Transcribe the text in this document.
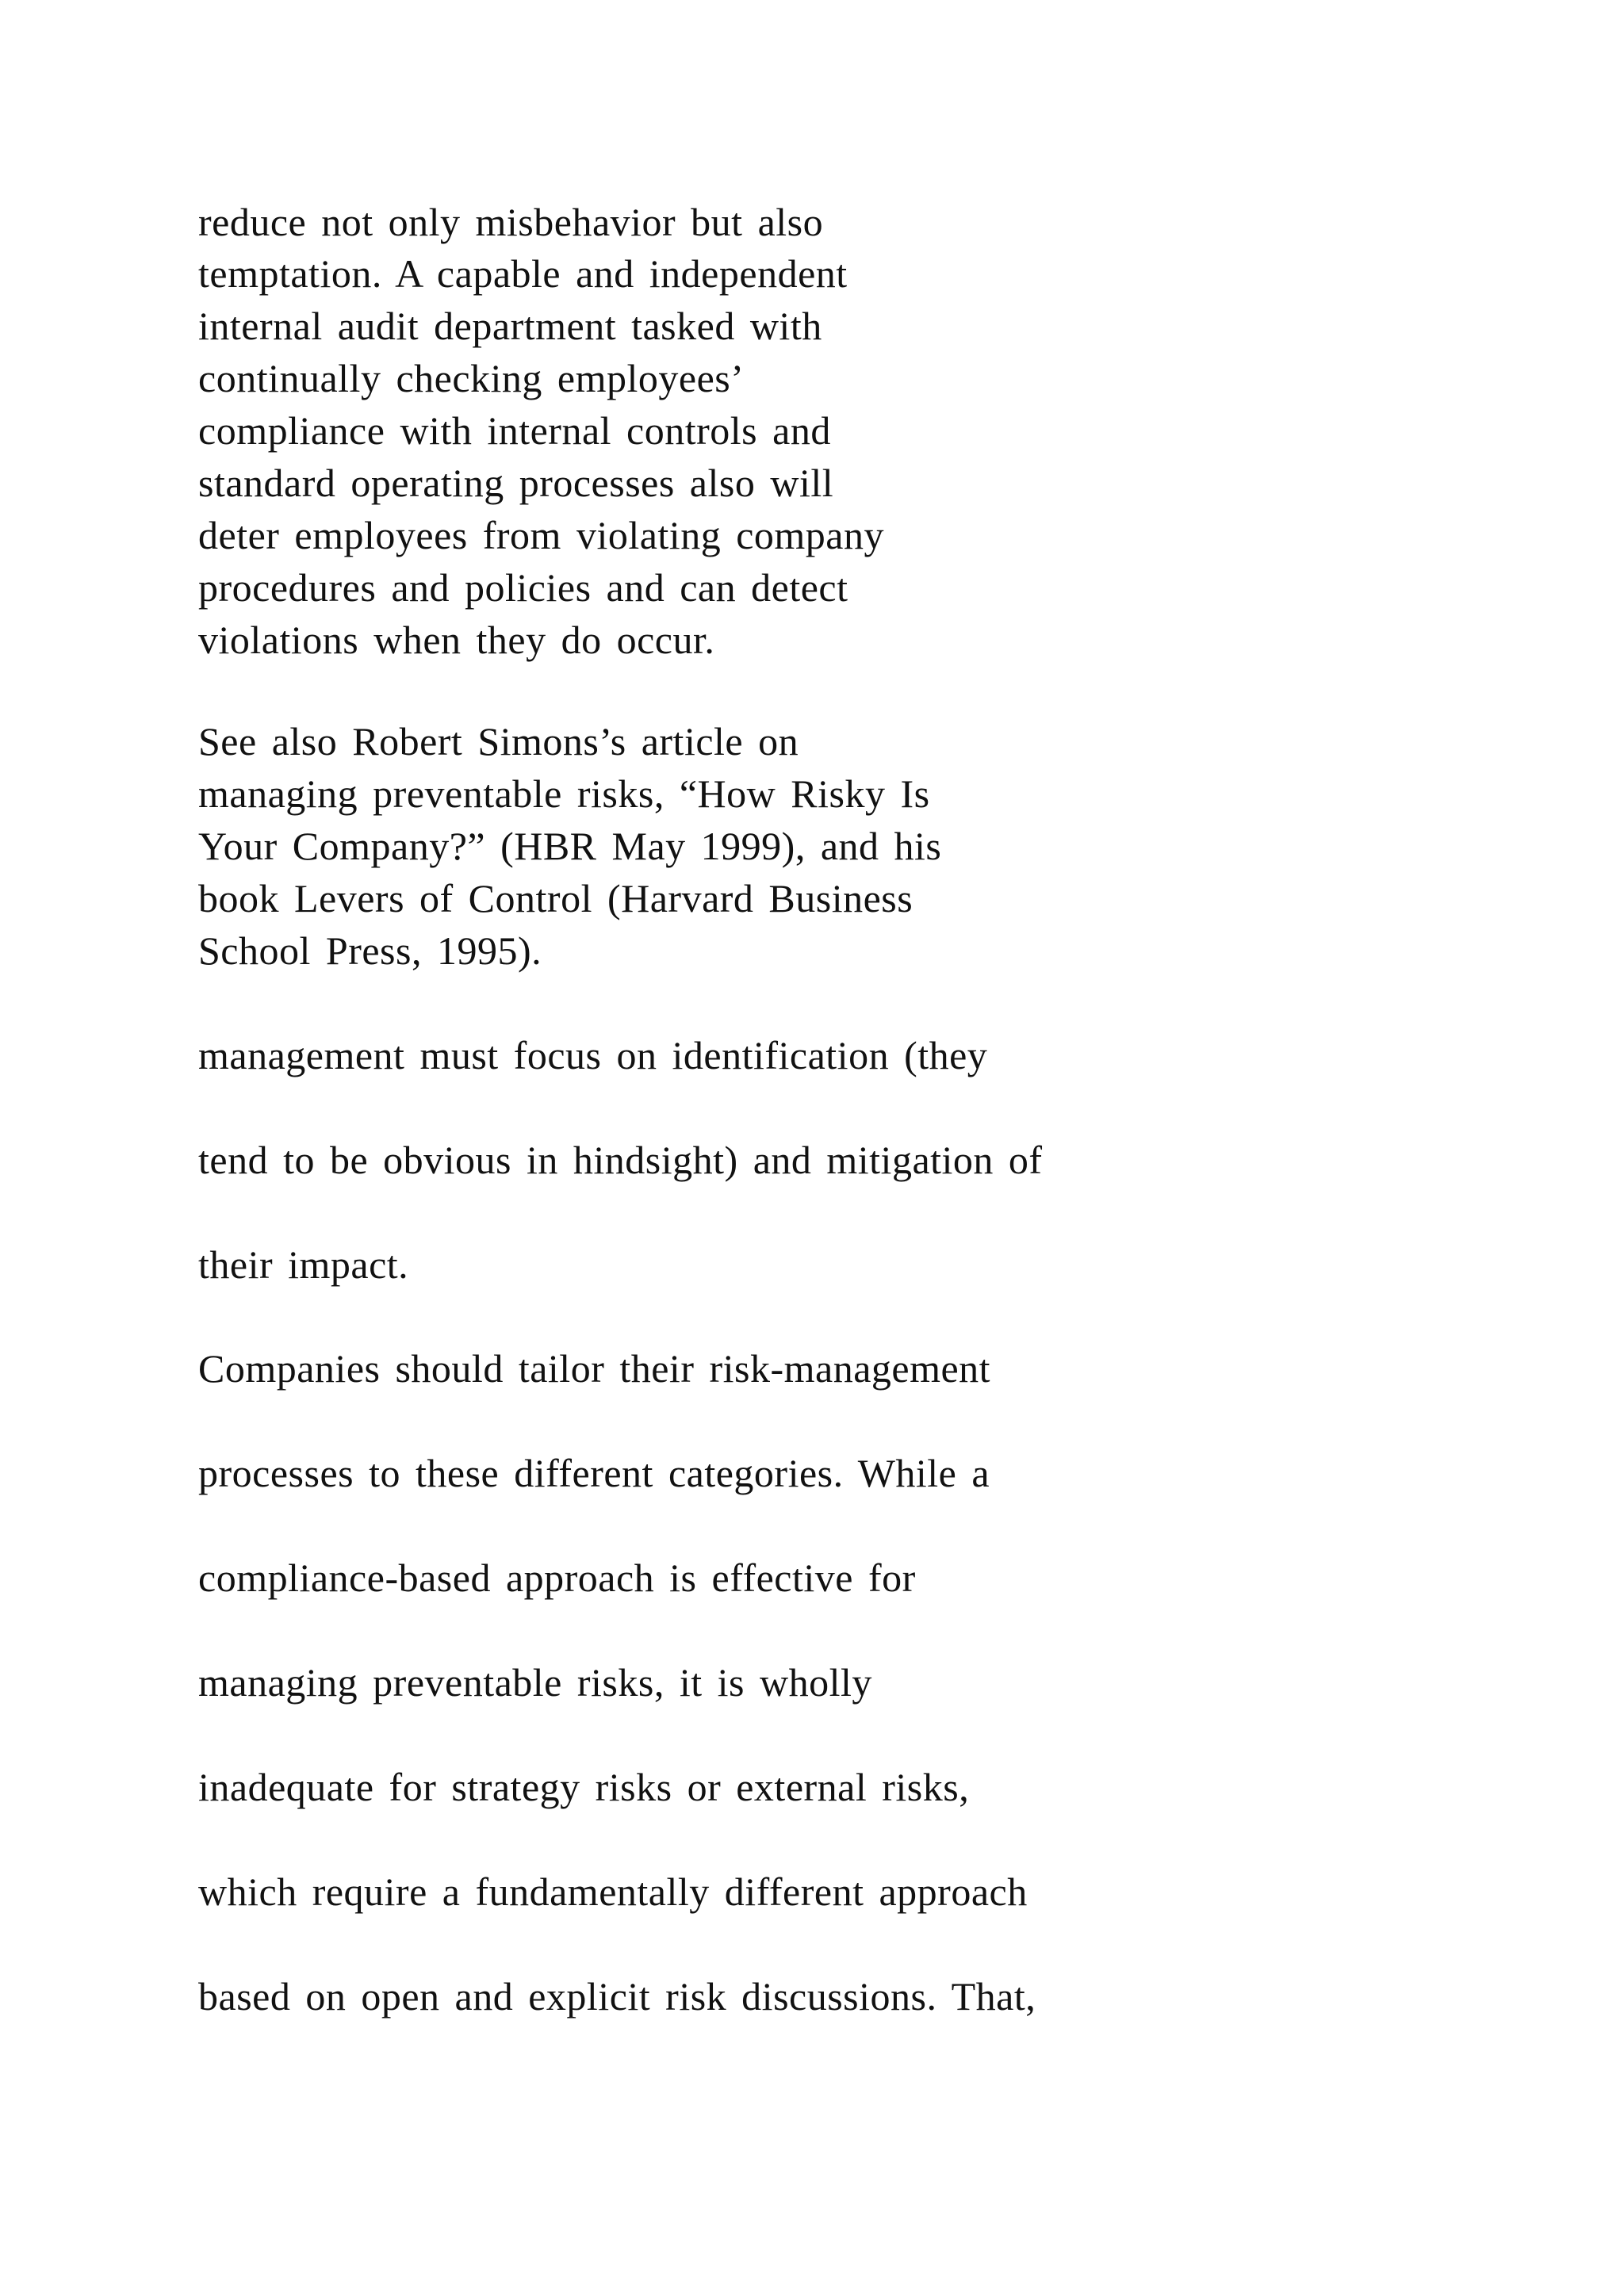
reduce not only misbehavior but also
temptation. A capable and independent
internal audit department tasked with
continually checking employees’
compliance with internal controls and
standard operating processes also will
deter employees from violating company
procedures and policies and can detect
violations when they do occur.
See also Robert Simons’s article on
managing preventable risks, “How Risky Is
Your Company?” (HBR May 1999), and his
book Levers of Control (Harvard Business
School Press, 1995).
management must focus on identification (they
tend to be obvious in hindsight) and mitigation of
their impact.
Companies should tailor their risk-management
processes to these different categories. While a
compliance-based approach is effective for
managing preventable risks, it is wholly
inadequate for strategy risks or external risks,
which require a fundamentally different approach
based on open and explicit risk discussions. That,
